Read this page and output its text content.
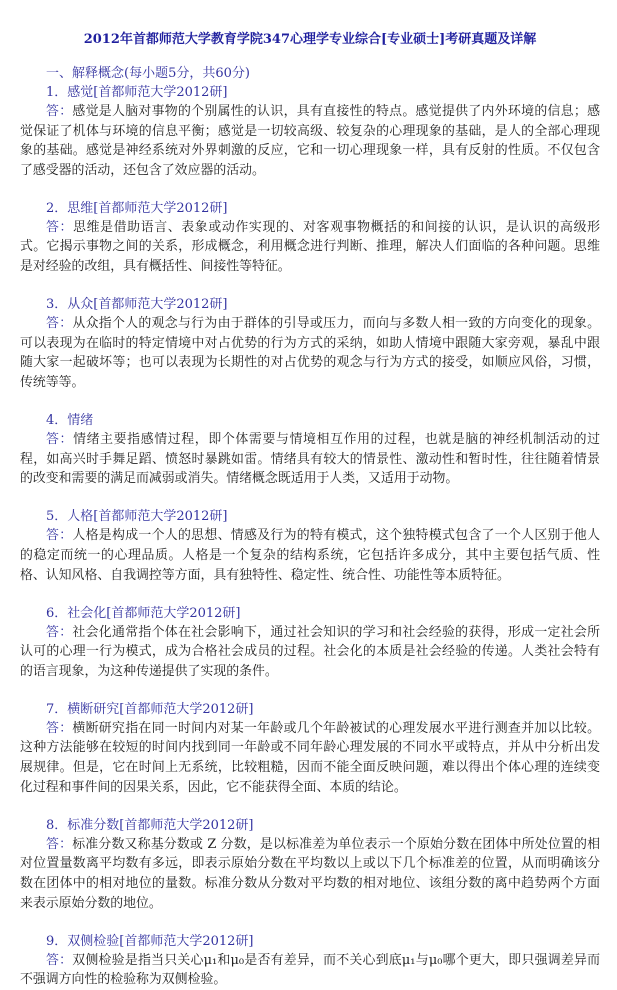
2012年首都师范大学教育学院347心理学专业综合[专业硕士]考研真题及详解
一、解释概念(每小题5分，共60分)
1．感觉[首都师范大学2012研]

答：感觉是人脑对事物的个别属性的认识，具有直接性的特点。感觉提供了内外环境的信息；感觉保证了机体与环境的信息平衡；感觉是一切较高级、较复杂的心理现象的基础，是人的全部心理现象的基础。感觉是神经系统对外界刺激的反应，它和一切心理现象一样，具有反射的性质。不仅包含了感受器的活动，还包含了效应器的活动。

2．思维[首都师范大学2012研]

答：思维是借助语言、表象或动作实现的、对客观事物概括的和间接的认识，是认识的高级形式。它揭示事物之间的关系，形成概念，利用概念进行判断、推理，解决人们面临的各种问题。思维是对经验的改组，具有概括性、间接性等特征。

3．从众[首都师范大学2012研]

答：从众指个人的观念与行为由于群体的引导或压力，而向与多数人相一致的方向变化的现象。可以表现为在临时的特定情境中对占优势的行为方式的采纳，如助人情境中跟随大家旁观，暴乱中跟随大家一起破坏等；也可以表现为长期性的对占优势的观念与行为方式的接受，如顺应风俗，习惯，传统等等。

4．情绪

答：情绪主要指感情过程，即个体需要与情境相互作用的过程，也就是脑的神经机制活动的过程，如高兴时手舞足蹈、愤怒时暴跳如雷。情绪具有较大的情景性、激动性和暂时性，往往随着情景的改变和需要的满足而减弱或消失。情绪概念既适用于人类，又适用于动物。

5．人格[首都师范大学2012研]

答：人格是构成一个人的思想、情感及行为的特有模式，这个独特模式包含了一个人区别于他人的稳定而统一的心理品质。人格是一个复杂的结构系统，它包括许多成分，其中主要包括气质、性格、认知风格、自我调控等方面，具有独特性、稳定性、统合性、功能性等本质特征。

6．社会化[首都师范大学2012研]

答：社会化通常指个体在社会影响下，通过社会知识的学习和社会经验的获得，形成一定社会所认可的心理一行为模式，成为合格社会成员的过程。社会化的本质是社会经验的传递。人类社会特有的语言现象，为这种传递提供了实现的条件。

7．横断研究[首都师范大学2012研]

答：横断研究指在同一时间内对某一年龄或几个年龄被试的心理发展水平进行测查并加以比较。这种方法能够在较短的时间内找到同一年龄或不同年龄心理发展的不同水平或特点，并从中分析出发展规律。但是，它在时间上无系统，比较粗糙，因而不能全面反映问题，难以得出个体心理的连续变化过程和事件间的因果关系，因此，它不能获得全面、本质的结论。

8．标准分数[首都师范大学2012研]

答：标准分数又称基分数或 Z 分数，是以标准差为单位表示一个原始分数在团体中所处位置的相对位置量数离平均数有多远，即表示原始分数在平均数以上或以下几个标准差的位置，从而明确该分数在团体中的相对地位的量数。标准分数从分数对平均数的相对地位、该组分数的离中趋势两个方面来表示原始分数的地位。

9．双侧检验[首都师范大学2012研]

答：双侧检验是指当只关心μ₁和μ₀是否有差异，而不关心到底μ₁与μ₀哪个更大，即只强调差异而不强调方向性的检验称为双侧检验。
